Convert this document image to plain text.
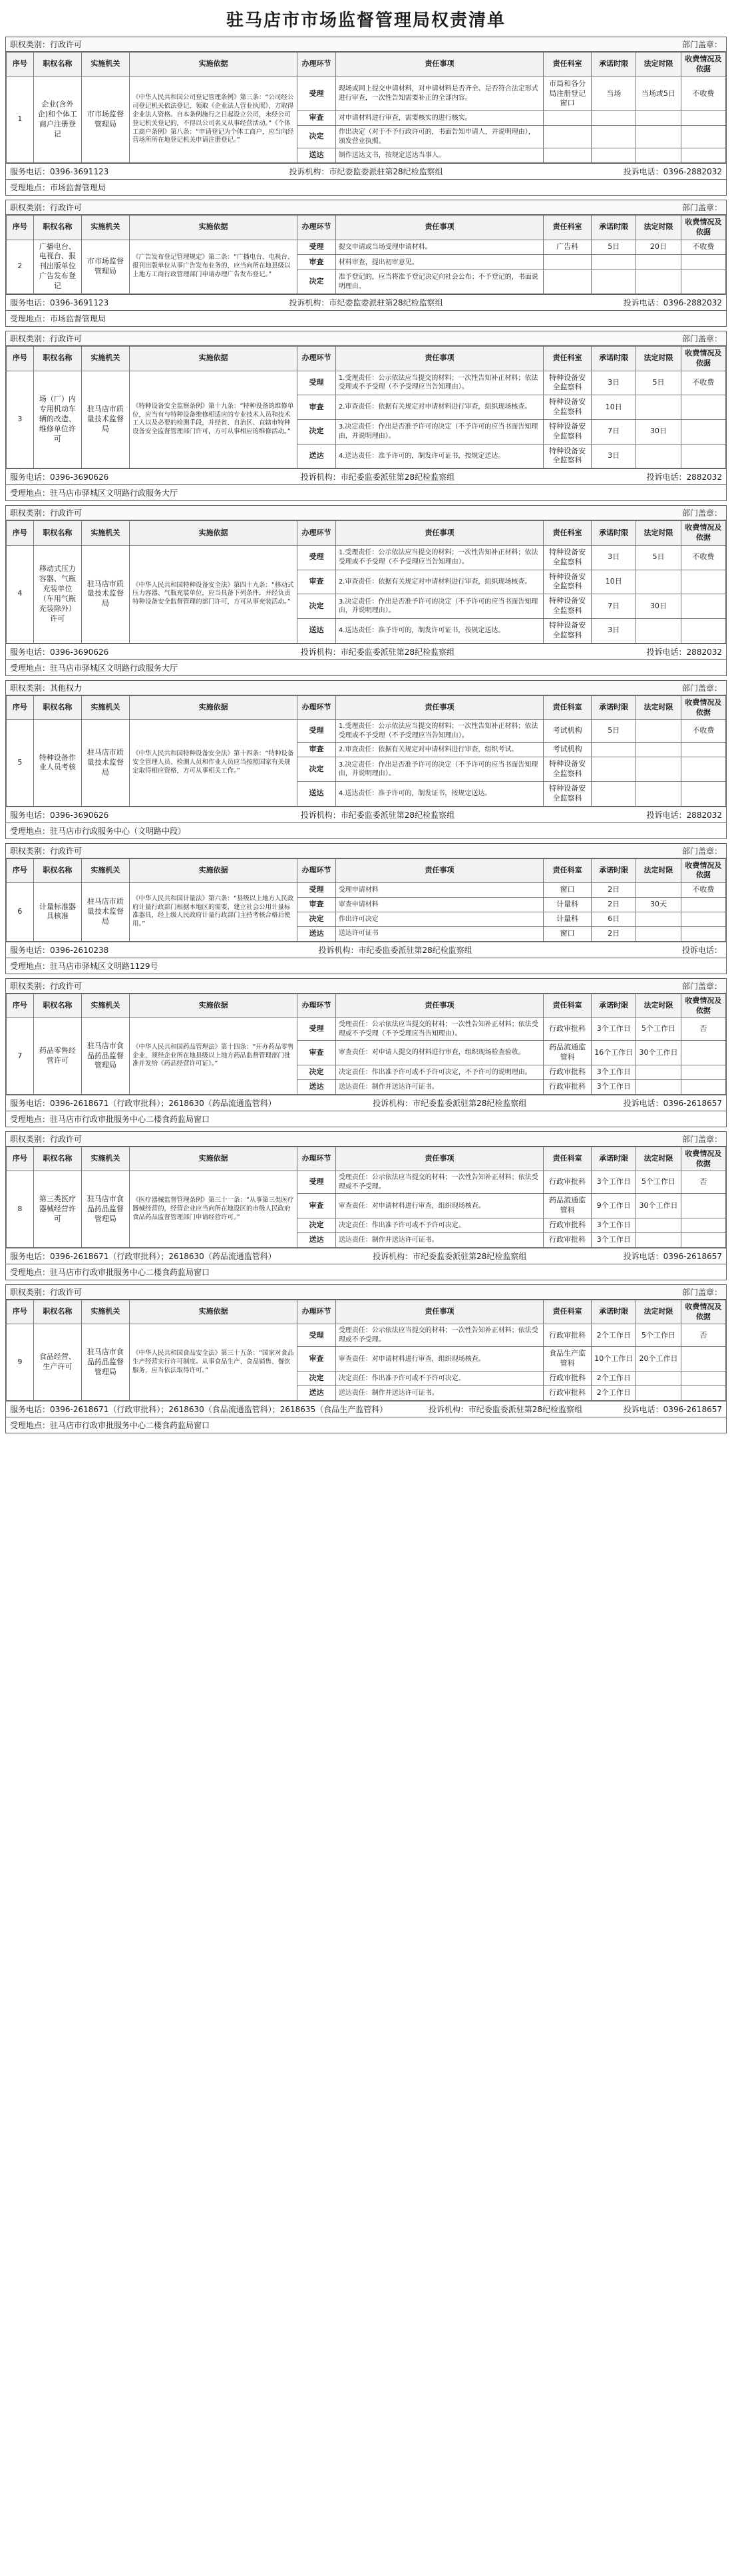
驻马店市市场监督管理局权责清单
职权类别：行政许可	部门盖章：
序号	职权名称	实施机关	实施依据	办理环节	责任事项	责任科室	承诺时限	法定时限	收费情况及依据
1	企业(含外企)和个体工商户注册登记	市市场监督管理局	《中华人民共和国公司登记管理条例》第三条：“公司经公司登记机关依法登记，领取《企业法人营业执照》，方取得企业法人资格。自本条例施行之日起设立公司，未经公司登记机关登记的，不得以公司名义从事经营活动。”《个体工商户条例》第八条：“申请登记为个体工商户，应当向经营场所所在地登记机关申请注册登记。”	受理	现场或网上提交申请材料，对申请材料是否齐全、是否符合法定形式进行审查，一次性告知需要补正的全部内容。	市局和各分局注册登记窗口	当场	当场或5日	不收费
				审查	对申请材料进行审查，需要核实的进行核实。				
				决定	作出决定（对于不予行政许可的，书面告知申请人，并说明理由），颁发营业执照。				
				送达	制作送达文书，按规定送达当事人。				
服务电话：0396-3691123	投诉机构：市纪委监委派驻第28纪检监察组	投诉电话：0396-2882032
受理地点：市场监督管理局
职权类别：行政许可	部门盖章：
序号	职权名称	实施机关	实施依据	办理环节	责任事项	责任科室	承诺时限	法定时限	收费情况及依据
2	广播电台、电视台、报刊出版单位广告发布登记	市市场监督管理局	《广告发布登记管理规定》第二条：“广播电台、电视台、报刊出版单位从事广告发布业务的，应当向所在地县级以上地方工商行政管理部门申请办理广告发布登记。”	受理	提交申请或当场受理申请材料。	广告科	5日	20日	不收费
				审查	材料审查，提出初审意见。				
				决定	准予登记的，应当将准予登记决定向社会公布；不予登记的，书面说明理由。				
服务电话：0396-3691123	投诉机构：市纪委监委派驻第28纪检监察组	投诉电话：0396-2882032
受理地点：市场监督管理局
职权类别：行政许可	部门盖章：
序号	职权名称	实施机关	实施依据	办理环节	责任事项	责任科室	承诺时限	法定时限	收费情况及依据
3	场（厂）内专用机动车辆的改造、维修单位许可	驻马店市质量技术监督局	《特种设备安全监察条例》第十九条：“特种设备的维修单位，应当有与特种设备维修相适应的专业技术人员和技术工人以及必要的检测手段，并经省、自治区、直辖市特种设备安全监督管理部门许可，方可从事相应的维修活动。”	受理	1.受理责任：公示依法应当提交的材料；一次性告知补正材料；依法受理或不予受理（不予受理应当告知理由）。	特种设备安全监察科	3日	5日	不收费
				审查	2.审查责任：依据有关规定对申请材料进行审查，组织现场核查。	特种设备安全监察科	10日		
				决定	3.决定责任：作出是否准予许可的决定（不予许可的应当书面告知理由，并说明理由）。	特种设备安全监察科	7日	30日	
				送达	4.送达责任：准予许可的，制发许可证书，按规定送达。	特种设备安全监察科	3日		
服务电话：0396-3690626	投诉机构：市纪委监委派驻第28纪检监察组	投诉电话：2882032
受理地点：驻马店市驿城区文明路行政服务大厅
职权类别：行政许可	部门盖章：
序号	职权名称	实施机关	实施依据	办理环节	责任事项	责任科室	承诺时限	法定时限	收费情况及依据
4	移动式压力容器、气瓶充装单位（车用气瓶充装除外）许可	驻马店市质量技术监督局	《中华人民共和国特种设备安全法》第四十九条：“移动式压力容器、气瓶充装单位，应当具备下列条件，并经负责特种设备安全监督管理的部门许可，方可从事充装活动。”	受理	1.受理责任：公示依法应当提交的材料；一次性告知补正材料；依法受理或不予受理（不予受理应当告知理由）。	特种设备安全监察科	3日	5日	不收费
				审查	2.审查责任：依据有关规定对申请材料进行审查，组织现场核查。	特种设备安全监察科	10日		
				决定	3.决定责任：作出是否准予许可的决定（不予许可的应当书面告知理由，并说明理由）。	特种设备安全监察科	7日	30日	
				送达	4.送达责任：准予许可的，制发许可证书，按规定送达。	特种设备安全监察科	3日		
服务电话：0396-3690626	投诉机构：市纪委监委派驻第28纪检监察组	投诉电话：2882032
受理地点：驻马店市驿城区文明路行政服务大厅
职权类别：其他权力	部门盖章：
序号	职权名称	实施机关	实施依据	办理环节	责任事项	责任科室	承诺时限	法定时限	收费情况及依据
5	特种设备作业人员考核	驻马店市质量技术监督局	《中华人民共和国特种设备安全法》第十四条：“特种设备安全管理人员、检测人员和作业人员应当按照国家有关规定取得相应资格，方可从事相关工作。”	受理	1.受理责任：公示依法应当提交的材料；一次性告知补正材料；依法受理或不予受理（不予受理应当告知理由）。	考试机构	5日		不收费
				审查	2.审查责任：依据有关规定对申请材料进行审查，组织考试。	考试机构			
				决定	3.决定责任：作出是否准予许可的决定（不予许可的应当书面告知理由，并说明理由）。	特种设备安全监察科			
				送达	4.送达责任：准予许可的，制发证书，按规定送达。	特种设备安全监察科			
服务电话：0396-3690626	投诉机构：市纪委监委派驻第28纪检监察组	投诉电话：2882032
受理地点：驻马店市行政服务中心（文明路中段）
职权类别：行政许可	部门盖章：
序号	职权名称	实施机关	实施依据	办理环节	责任事项	责任科室	承诺时限	法定时限	收费情况及依据
6	计量标准器具核准	驻马店市质量技术监督局	《中华人民共和国计量法》第六条：“县级以上地方人民政府计量行政部门根据本地区的需要，建立社会公用计量标准器具，经上级人民政府计量行政部门主持考核合格后使用。”	受理	受理申请材料	窗口	2日		不收费
				审查	审查申请材料	计量科	2日	30天	
				决定	作出许可决定	计量科	6日		
				送达	送达许可证书	窗口	2日		
服务电话：0396-2610238	投诉机构：市纪委监委派驻第28纪检监察组	投诉电话：
受理地点：驻马店市驿城区文明路1129号
职权类别：行政许可	部门盖章：
序号	职权名称	实施机关	实施依据	办理环节	责任事项	责任科室	承诺时限	法定时限	收费情况及依据
7	药品零售经营许可	驻马店市食品药品监督管理局	《中华人民共和国药品管理法》第十四条：“开办药品零售企业，须经企业所在地县级以上地方药品监督管理部门批准并发给《药品经营许可证》。”	受理	受理责任：公示依法应当提交的材料；一次性告知补正材料；依法受理或不予受理（不予受理应当告知理由）。	行政审批科	3个工作日	5个工作日	否
				审查	审查责任：对申请人提交的材料进行审查，组织现场检查验收。	药品流通监管科	16个工作日	30个工作日	
				决定	决定责任：作出准予许可或不予许可决定，不予许可的说明理由。	行政审批科	3个工作日		
				送达	送达责任：制作并送达许可证书。	行政审批科	3个工作日		
服务电话：0396-2618671（行政审批科）；2618630（药品流通监管科）	投诉机构：市纪委监委派驻第28纪检监察组	投诉电话：0396-2618657
受理地点：驻马店市行政审批服务中心二楼食药监局窗口
职权类别：行政许可	部门盖章：
序号	职权名称	实施机关	实施依据	办理环节	责任事项	责任科室	承诺时限	法定时限	收费情况及依据
8	第三类医疗器械经营许可	驻马店市食品药品监督管理局	《医疗器械监督管理条例》第三十一条：“从事第三类医疗器械经营的，经营企业应当向所在地设区的市级人民政府食品药品监督管理部门申请经营许可。”	受理	受理责任：公示依法应当提交的材料；一次性告知补正材料；依法受理或不予受理。	行政审批科	3个工作日	5个工作日	否
				审查	审查责任：对申请材料进行审查，组织现场核查。	药品流通监管科	9个工作日	30个工作日	
				决定	决定责任：作出准予许可或不予许可决定。	行政审批科	3个工作日		
				送达	送达责任：制作并送达许可证书。	行政审批科	3个工作日		
服务电话：0396-2618671（行政审批科）；2618630（药品流通监管科）	投诉机构：市纪委监委派驻第28纪检监察组	投诉电话：0396-2618657
受理地点：驻马店市行政审批服务中心二楼食药监局窗口
职权类别：行政许可	部门盖章：
序号	职权名称	实施机关	实施依据	办理环节	责任事项	责任科室	承诺时限	法定时限	收费情况及依据
9	食品经营、生产许可	驻马店市食品药品监督管理局	《中华人民共和国食品安全法》第三十五条：“国家对食品生产经营实行许可制度。从事食品生产、食品销售、餐饮服务，应当依法取得许可。”	受理	受理责任：公示依法应当提交的材料；一次性告知补正材料；依法受理或不予受理。	行政审批科	2个工作日	5个工作日	否
				审查	审查责任：对申请材料进行审查，组织现场核查。	食品生产监管科	10个工作日	20个工作日	
				决定	决定责任：作出准予许可或不予许可决定。	行政审批科	2个工作日		
				送达	送达责任：制作并送达许可证书。	行政审批科	2个工作日		
服务电话：0396-2618671（行政审批科）；2618630（食品流通监管科）；2618635（食品生产监管科）	投诉机构：市纪委监委派驻第28纪检监察组	投诉电话：0396-2618657
受理地点：驻马店市行政审批服务中心二楼食药监局窗口
